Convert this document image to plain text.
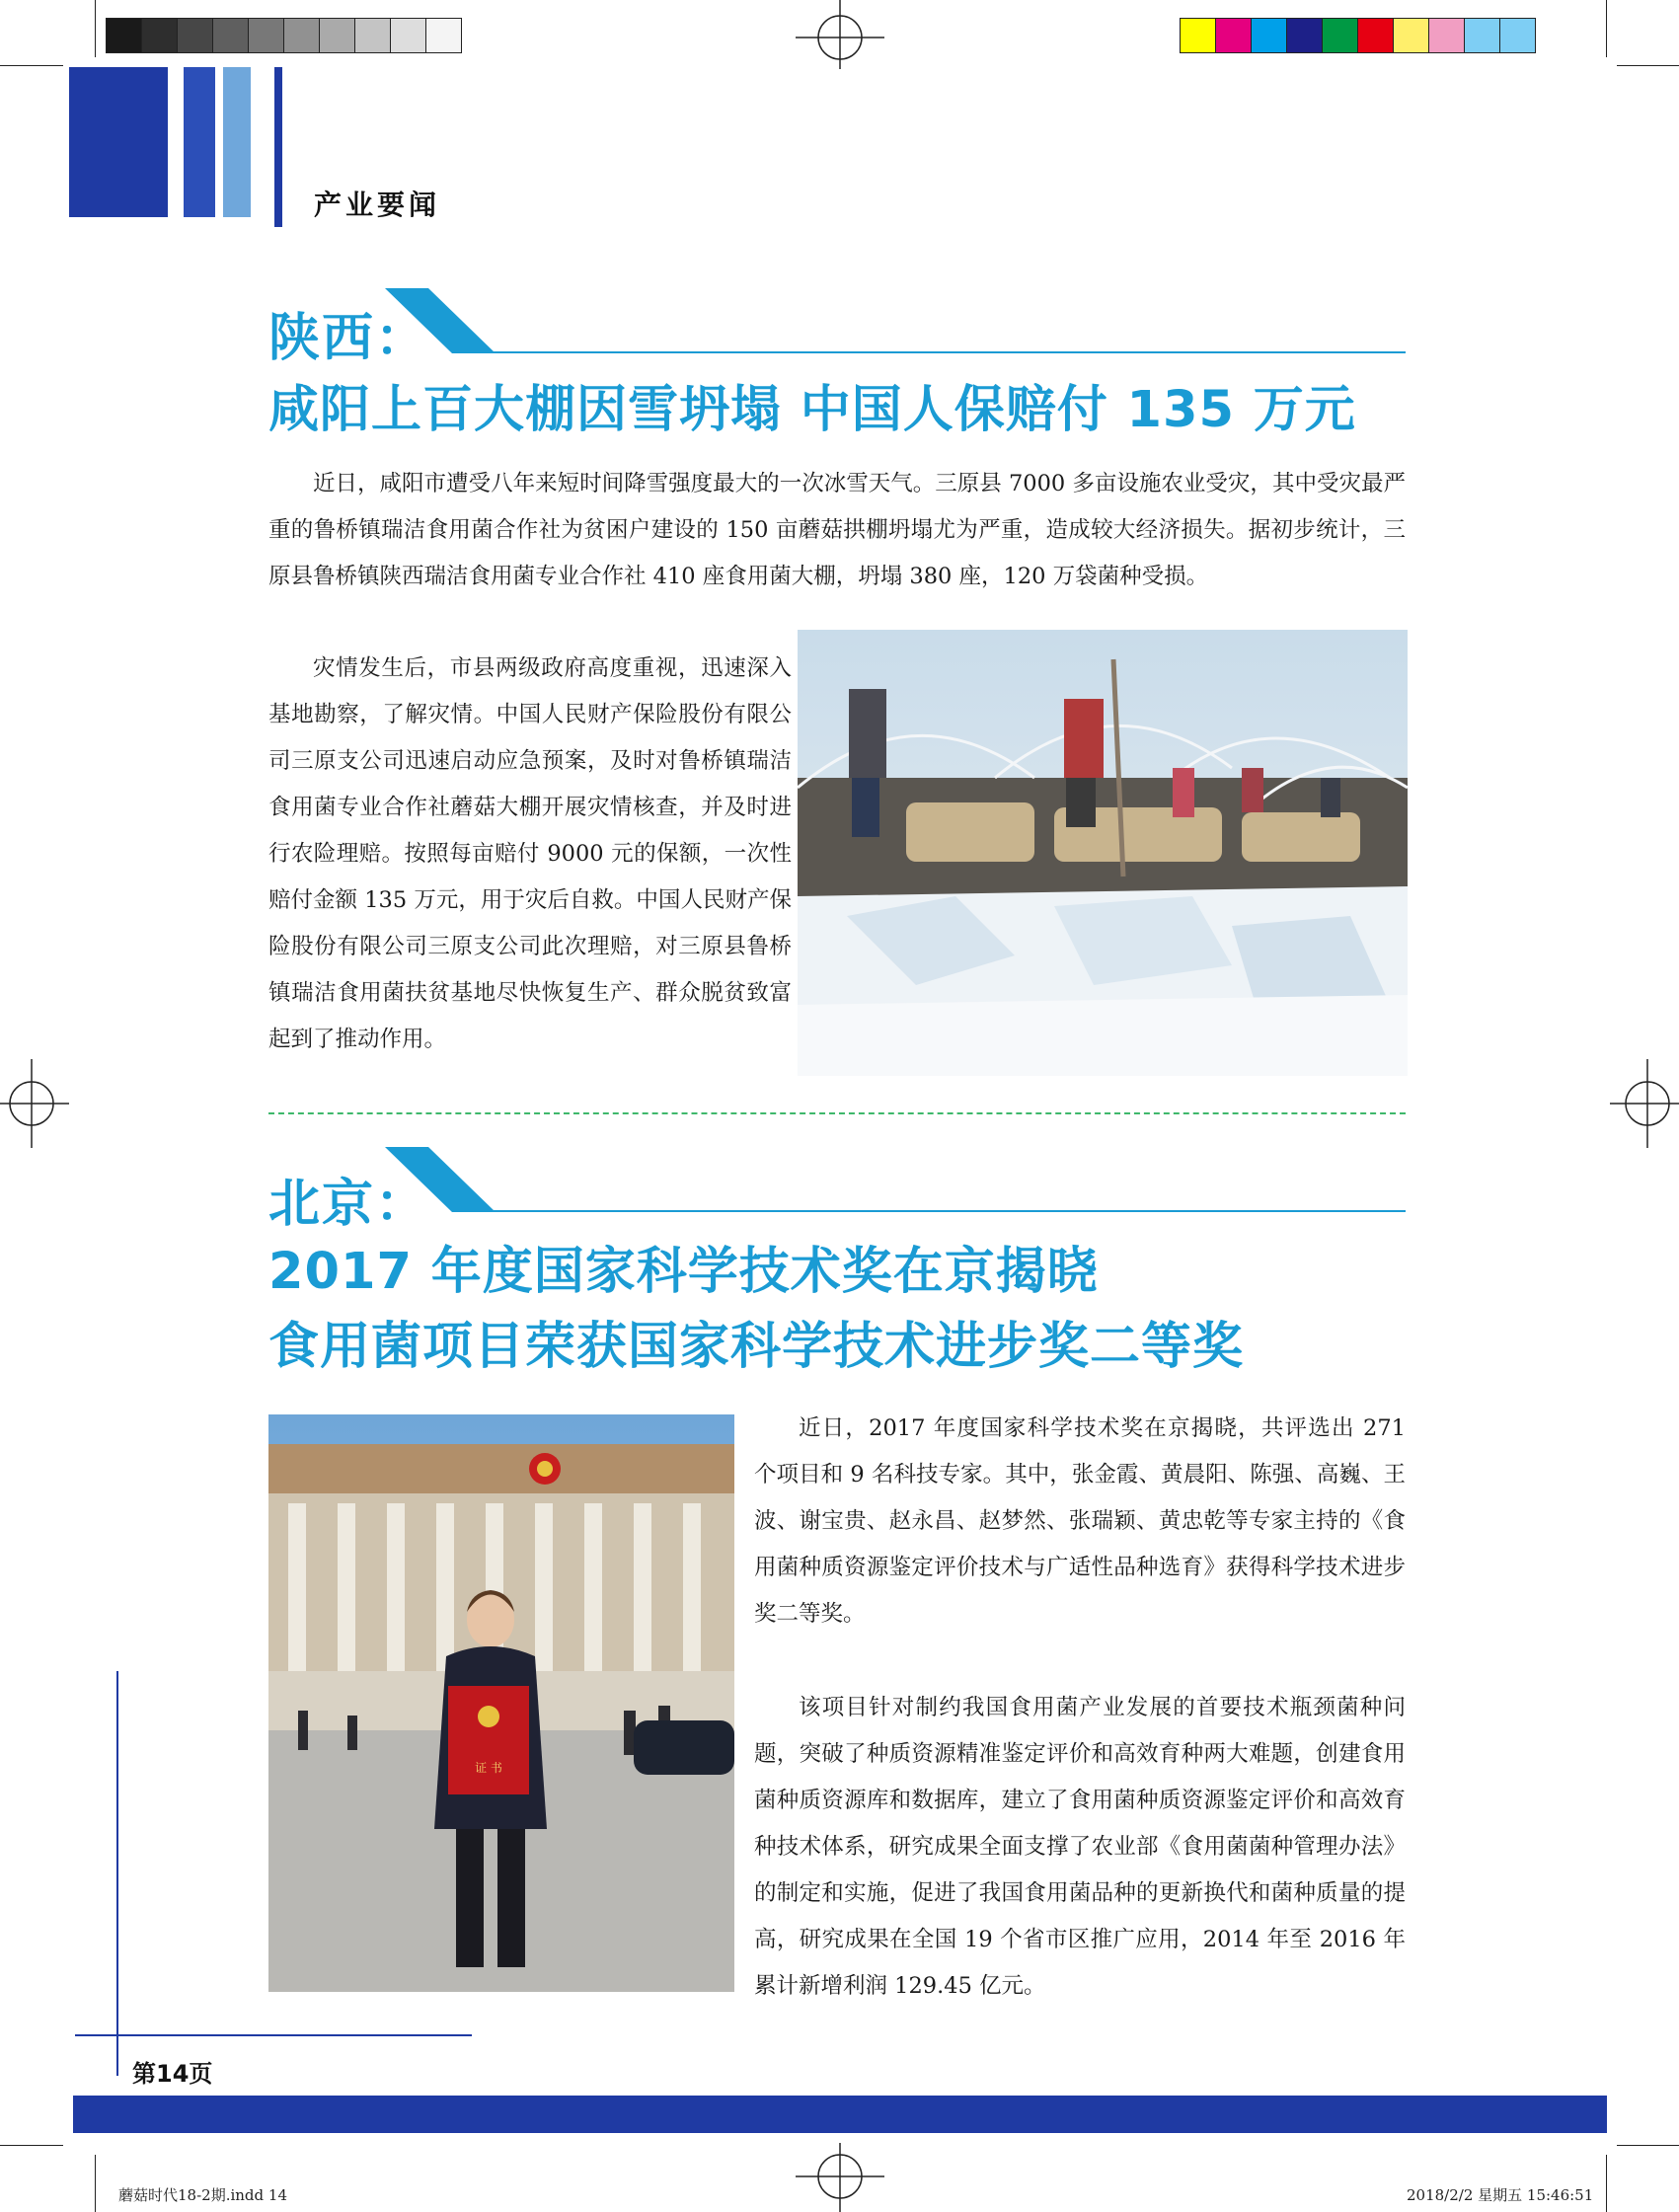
产业要闻
陕西：
咸阳上百大棚因雪坍塌 中国人保赔付 135 万元

近日，咸阳市遭受八年来短时间降雪强度最大的一次冰雪天气。三原县 7000 多亩设施农业受灾，其中受灾最严重的鲁桥镇瑞洁食用菌合作社为贫困户建设的 150 亩蘑菇拱棚坍塌尤为严重，造成较大经济损失。据初步统计，三原县鲁桥镇陕西瑞洁食用菌专业合作社 410 座食用菌大棚，坍塌 380 座，120 万袋菌种受损。

灾情发生后，市县两级政府高度重视，迅速深入基地勘察，了解灾情。中国人民财产保险股份有限公司三原支公司迅速启动应急预案，及时对鲁桥镇瑞洁食用菌专业合作社蘑菇大棚开展灾情核查，并及时进行农险理赔。按照每亩赔付 9000 元的保额，一次性赔付金额 135 万元，用于灾后自救。中国人民财产保险股份有限公司三原支公司此次理赔，对三原县鲁桥镇瑞洁食用菌扶贫基地尽快恢复生产、群众脱贫致富起到了推动作用。

北京：
2017 年度国家科学技术奖在京揭晓
食用菌项目荣获国家科学技术进步奖二等奖
证 书

近日，2017 年度国家科学技术奖在京揭晓，共评选出 271 个项目和 9 名科技专家。其中，张金霞、黄晨阳、陈强、高巍、王波、谢宝贵、赵永昌、赵梦然、张瑞颖、黄忠乾等专家主持的《食用菌种质资源鉴定评价技术与广适性品种选育》获得科学技术进步奖二等奖。

该项目针对制约我国食用菌产业发展的首要技术瓶颈菌种问题，突破了种质资源精准鉴定评价和高效育种两大难题，创建食用菌种质资源库和数据库，建立了食用菌种质资源鉴定评价和高效育种技术体系，研究成果全面支撑了农业部《食用菌菌种管理办法》的制定和实施，促进了我国食用菌品种的更新换代和菌种质量的提高，研究成果在全国 19 个省市区推广应用，2014 年至 2016 年累计新增利润 129.45 亿元。

第14页
蘑菇时代18-2期.indd 14	2018/2/2 星期五 15:46:51
